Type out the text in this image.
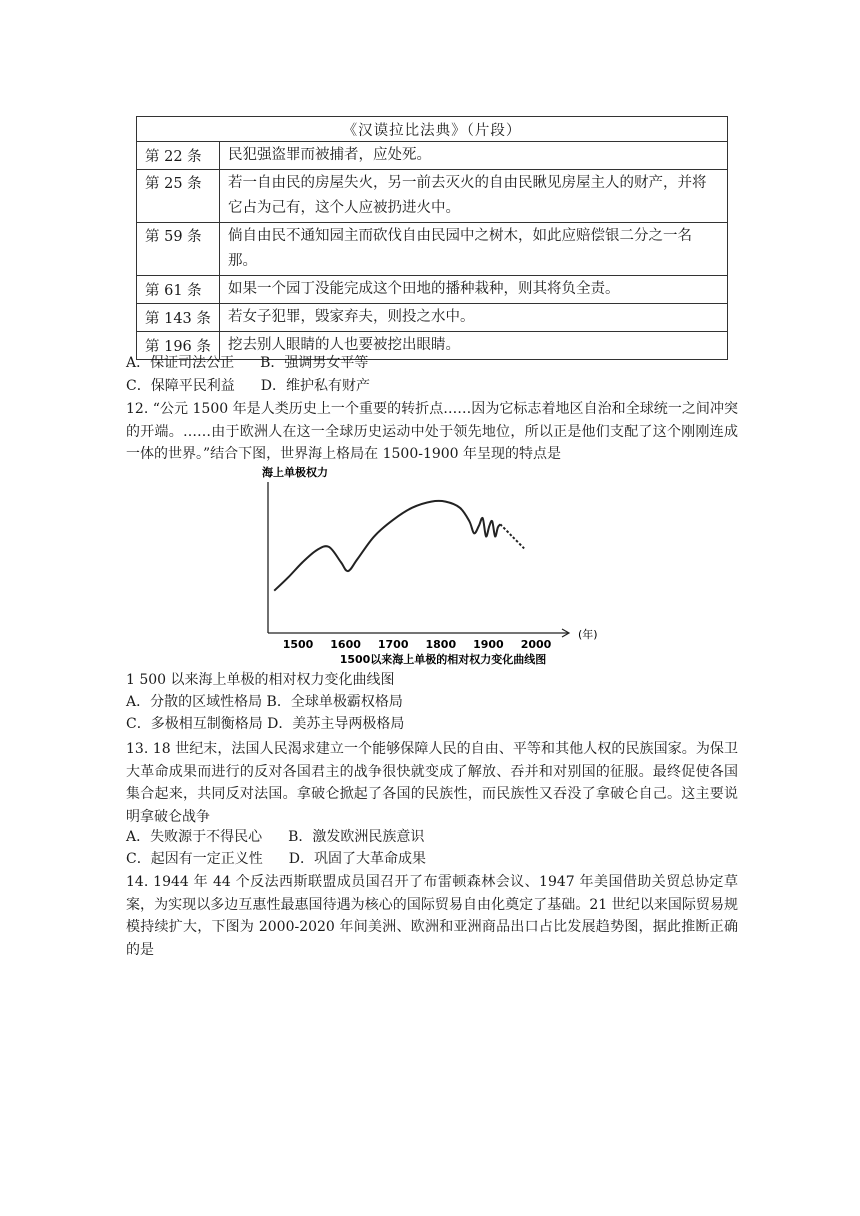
《汉谟拉比法典》（片段）	
第 22 条	民犯强盗罪而被捕者，应处死。
第 25 条	若一自由民的房屋失火，另一前去灭火的自由民瞅见房屋主人的财产，并将它占为己有，这个人应被扔进火中。
第 59 条	倘自由民不通知园主而砍伐自由民园中之树木，如此应赔偿银二分之一名那。
第 61 条	如果一个园丁没能完成这个田地的播种栽种，则其将负全责。
第 143 条	若女子犯罪，毁家弃夫，则投之水中。
第 196 条	挖去别人眼睛的人也要被挖出眼睛。
A．保证司法公正 B．强调男女平等
C．保障平民利益 D．维护私有财产
12. “公元 1500 年是人类历史上一个重要的转折点……因为它标志着地区自治和全球统一之间冲突的开端。……由于欧洲人在这一全球历史运动中处于领先地位，所以正是他们支配了这个刚刚连成一体的世界。”结合下图，世界海上格局在 1500-1900 年呈现的特点是
海上单极权力
1500 1600 1700 1800 1900 2000
(年)
1500以来海上单极的相对权力变化曲线图
1 500 以来海上单极的相对权力变化曲线图
A．分散的区域性格局 B．全球单极霸权格局
C．多极相互制衡格局 D．美苏主导两极格局
13. 18 世纪末，法国人民渴求建立一个能够保障人民的自由、平等和其他人权的民族国家。为保卫大革命成果而进行的反对各国君主的战争很快就变成了解放、吞并和对别国的征服。最终促使各国集合起来，共同反对法国。拿破仑掀起了各国的民族性，而民族性又吞没了拿破仑自己。这主要说明拿破仑战争
A．失败源于不得民心 B．激发欧洲民族意识
C．起因有一定正义性 D．巩固了大革命成果
14. 1944 年 44 个反法西斯联盟成员国召开了布雷顿森林会议、1947 年美国借助关贸总协定草案，为实现以多边互惠性最惠国待遇为核心的国际贸易自由化奠定了基础。21 世纪以来国际贸易规模持续扩大，下图为 2000-2020 年间美洲、欧洲和亚洲商品出口占比发展趋势图，据此推断正确的是
